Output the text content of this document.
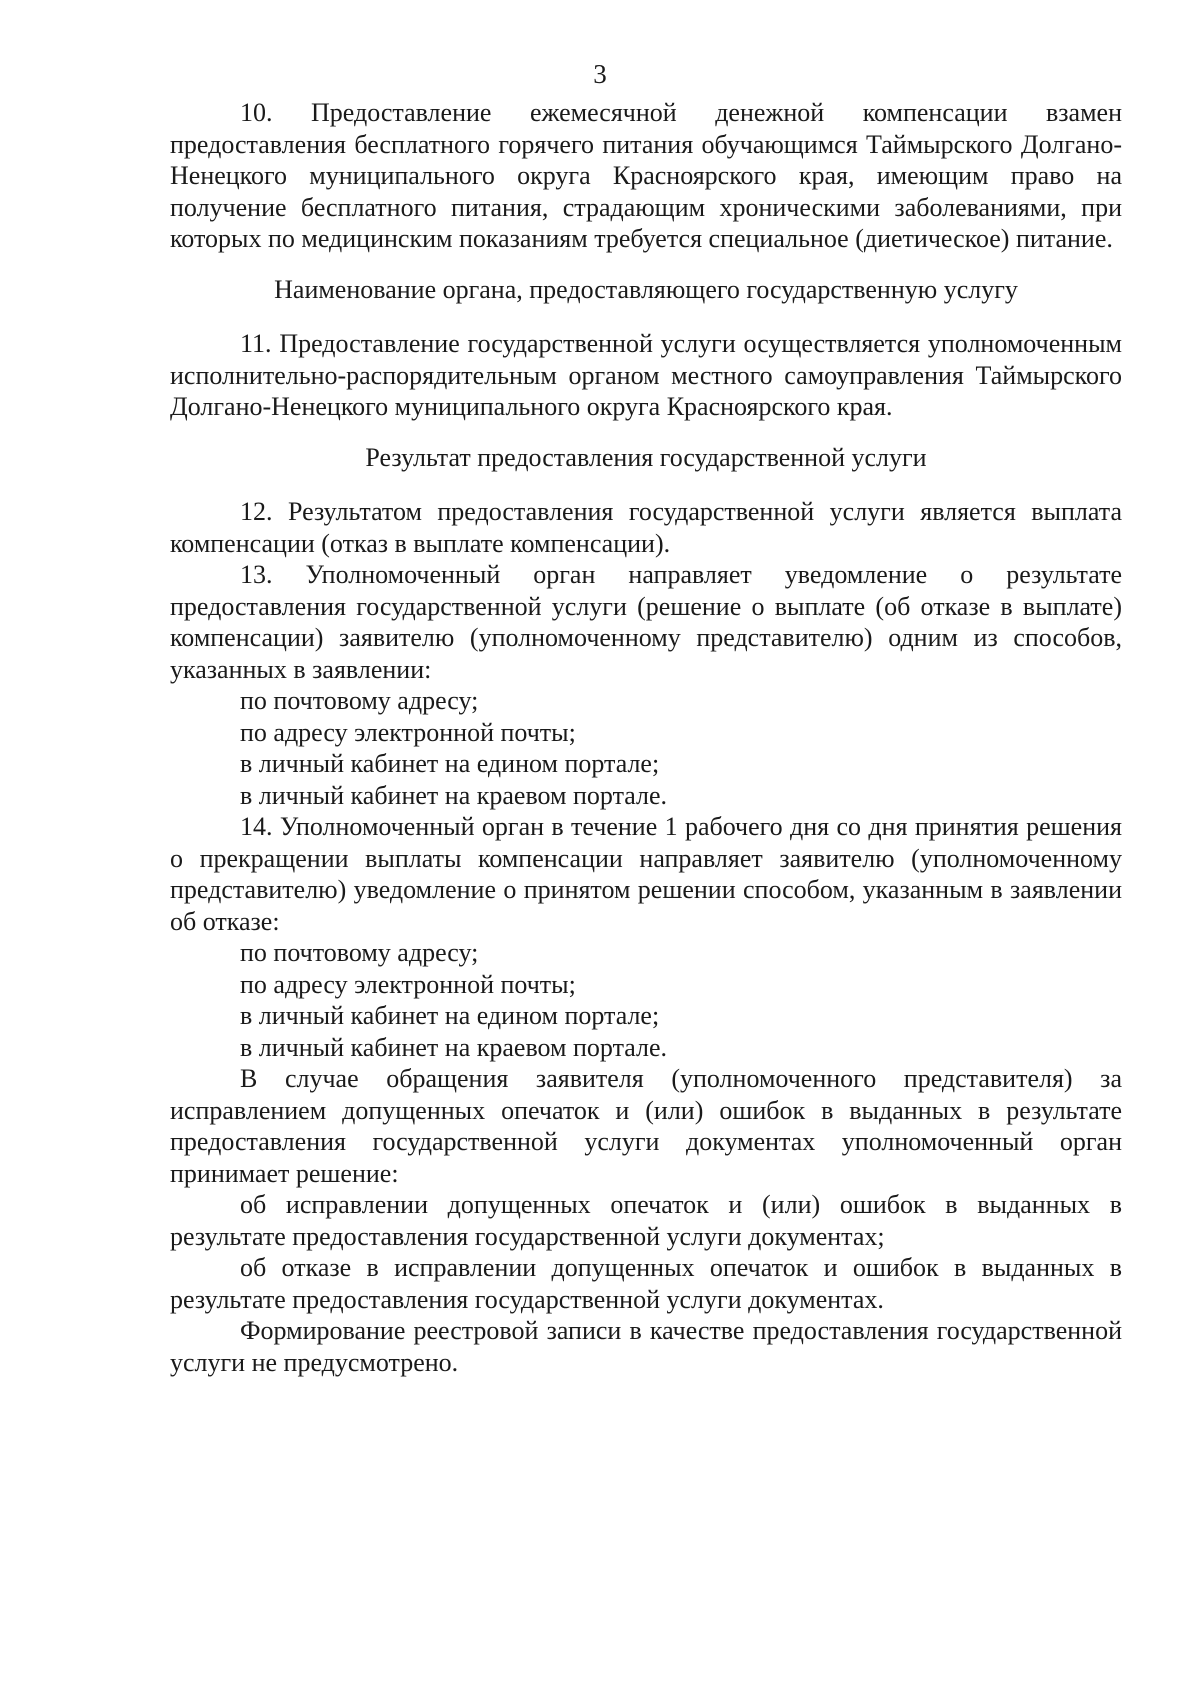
3

10. Предоставление ежемесячной денежной компенсации взамен предоставления бесплатного горячего питания обучающимся Таймырского Долгано-Ненецкого муниципального округа Красноярского края, имеющим право на получение бесплатного питания, страдающим хроническими заболеваниями, при которых по медицинским показаниям требуется специальное (диетическое) питание.

Наименование органа, предоставляющего государственную услугу

11. Предоставление государственной услуги осуществляется уполномоченным исполнительно-распорядительным органом местного самоуправления Таймырского Долгано-Ненецкого муниципального округа Красноярского края.

Результат предоставления государственной услуги

12. Результатом предоставления государственной услуги является выплата компенсации (отказ в выплате компенсации).

13. Уполномоченный орган направляет уведомление о результате предоставления государственной услуги (решение о выплате (об отказе в выплате) компенсации) заявителю (уполномоченному представителю) одним из способов, указанных в заявлении:

по почтовому адресу;

по адресу электронной почты;

в личный кабинет на едином портале;

в личный кабинет на краевом портале.

14. Уполномоченный орган в течение 1 рабочего дня со дня принятия решения о прекращении выплаты компенсации направляет заявителю (уполномоченному представителю) уведомление о принятом решении способом, указанным в заявлении об отказе:

по почтовому адресу;

по адресу электронной почты;

в личный кабинет на едином портале;

в личный кабинет на краевом портале.

В случае обращения заявителя (уполномоченного представителя) за исправлением допущенных опечаток и (или) ошибок в выданных в результате предоставления государственной услуги документах уполномоченный орган принимает решение:

об исправлении допущенных опечаток и (или) ошибок в выданных в результате предоставления государственной услуги документах;

об отказе в исправлении допущенных опечаток и ошибок в выданных в результате предоставления государственной услуги документах.

Формирование реестровой записи в качестве предоставления государственной услуги не предусмотрено.
